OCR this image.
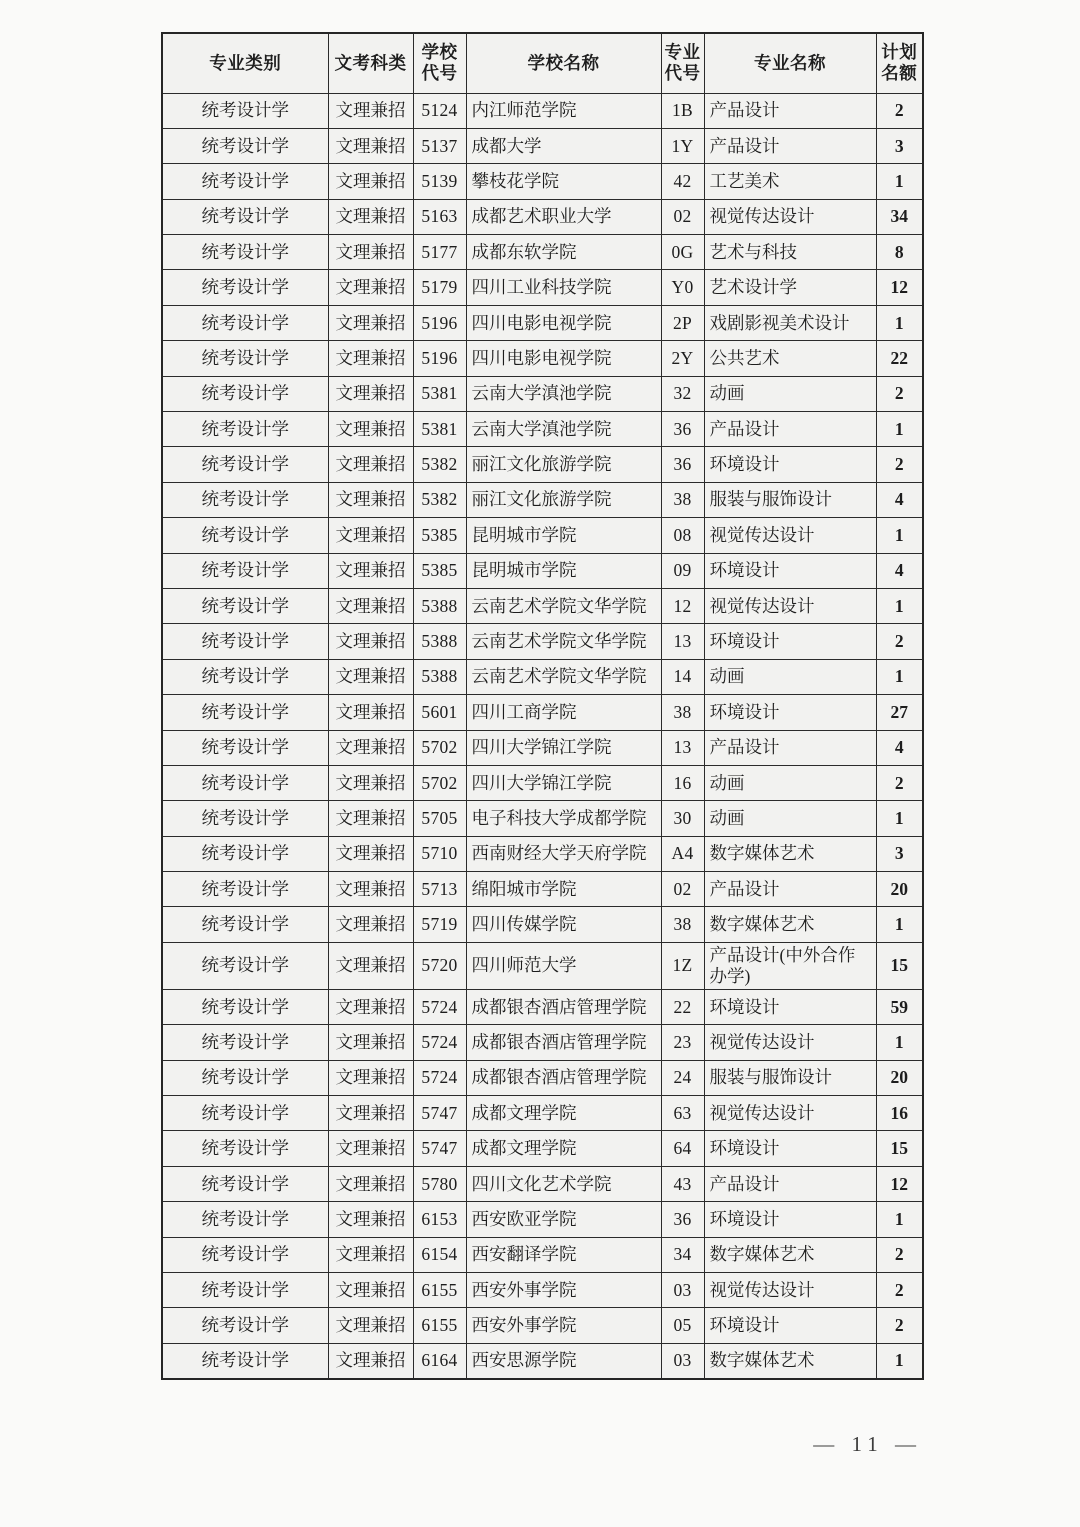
专业类别	文考科类	学校代号	学校名称	专业代号	专业名称	计划名额
统考设计学	文理兼招	5124	内江师范学院	1B	产品设计	2
统考设计学	文理兼招	5137	成都大学	1Y	产品设计	3
统考设计学	文理兼招	5139	攀枝花学院	42	工艺美术	1
统考设计学	文理兼招	5163	成都艺术职业大学	02	视觉传达设计	34
统考设计学	文理兼招	5177	成都东软学院	0G	艺术与科技	8
统考设计学	文理兼招	5179	四川工业科技学院	Y0	艺术设计学	12
统考设计学	文理兼招	5196	四川电影电视学院	2P	戏剧影视美术设计	1
统考设计学	文理兼招	5196	四川电影电视学院	2Y	公共艺术	22
统考设计学	文理兼招	5381	云南大学滇池学院	32	动画	2
统考设计学	文理兼招	5381	云南大学滇池学院	36	产品设计	1
统考设计学	文理兼招	5382	丽江文化旅游学院	36	环境设计	2
统考设计学	文理兼招	5382	丽江文化旅游学院	38	服装与服饰设计	4
统考设计学	文理兼招	5385	昆明城市学院	08	视觉传达设计	1
统考设计学	文理兼招	5385	昆明城市学院	09	环境设计	4
统考设计学	文理兼招	5388	云南艺术学院文华学院	12	视觉传达设计	1
统考设计学	文理兼招	5388	云南艺术学院文华学院	13	环境设计	2
统考设计学	文理兼招	5388	云南艺术学院文华学院	14	动画	1
统考设计学	文理兼招	5601	四川工商学院	38	环境设计	27
统考设计学	文理兼招	5702	四川大学锦江学院	13	产品设计	4
统考设计学	文理兼招	5702	四川大学锦江学院	16	动画	2
统考设计学	文理兼招	5705	电子科技大学成都学院	30	动画	1
统考设计学	文理兼招	5710	西南财经大学天府学院	A4	数字媒体艺术	3
统考设计学	文理兼招	5713	绵阳城市学院	02	产品设计	20
统考设计学	文理兼招	5719	四川传媒学院	38	数字媒体艺术	1
统考设计学	文理兼招	5720	四川师范大学	1Z	产品设计(中外合作办学)	15
统考设计学	文理兼招	5724	成都银杏酒店管理学院	22	环境设计	59
统考设计学	文理兼招	5724	成都银杏酒店管理学院	23	视觉传达设计	1
统考设计学	文理兼招	5724	成都银杏酒店管理学院	24	服装与服饰设计	20
统考设计学	文理兼招	5747	成都文理学院	63	视觉传达设计	16
统考设计学	文理兼招	5747	成都文理学院	64	环境设计	15
统考设计学	文理兼招	5780	四川文化艺术学院	43	产品设计	12
统考设计学	文理兼招	6153	西安欧亚学院	36	环境设计	1
统考设计学	文理兼招	6154	西安翻译学院	34	数字媒体艺术	2
统考设计学	文理兼招	6155	西安外事学院	03	视觉传达设计	2
统考设计学	文理兼招	6155	西安外事学院	05	环境设计	2
统考设计学	文理兼招	6164	西安思源学院	03	数字媒体艺术	1
— 11 —
